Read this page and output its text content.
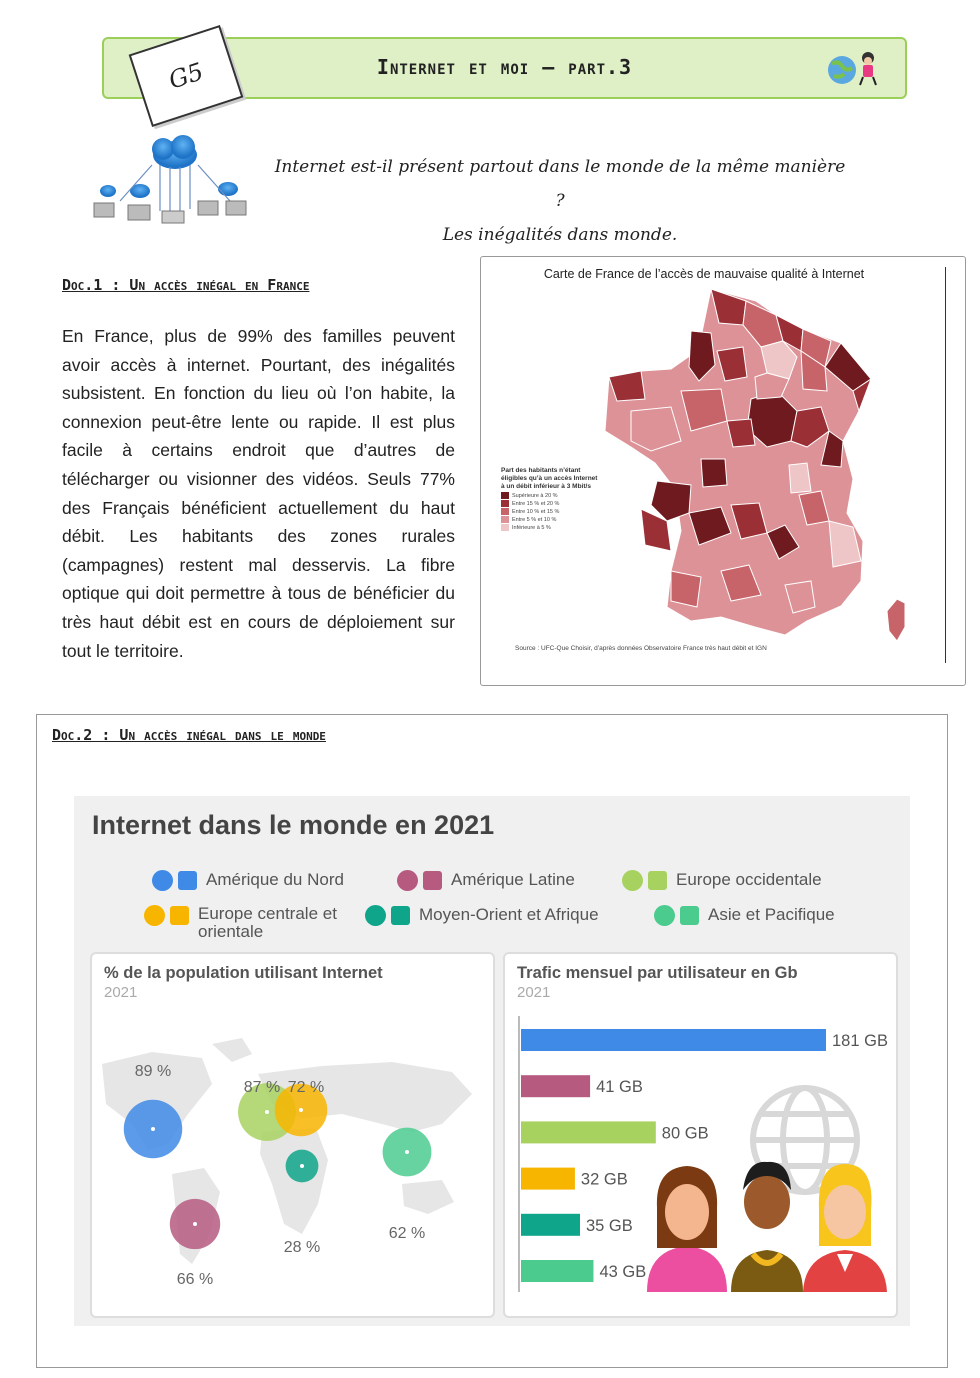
Internet et moi – part.3
G5
Internet est-il présent partout dans le monde de la même manière ?
Les inégalités dans monde.
Doc.1 : Un accès inégal en France
En France, plus de 99% des familles peuvent avoir accès à internet. Pourtant, des inégalités subsistent. En fonction du lieu où l’on habite, la connexion peut-être lente ou rapide. Il est plus facile à certains endroit que d’autres de télécharger ou visionner des vidéos. Seuls 77% des Français bénéficient actuellement du haut débit. Les habitants des zones rurales (campagnes) restent mal desservis. La fibre optique qui doit permettre à tous de bénéficier du très haut débit est en cours de déploiement sur tout le territoire.
Carte de France de l’accès de mauvaise qualité à Internet
Part des habitants n’étant éligibles qu’à un accès Internet à un débit inférieur à 3 Mbit/s
Supérieure à 20 %
Entre 15 % et 20 %
Entre 10 % et 15 %
Entre 5 % et 10 %
Inférieure à 5 %
Source : UFC-Que Choisir, d’après données Observatoire France très haut débit et IGN
Doc.2 : Un accès inégal dans le monde
Internet dans le monde en 2021
Amérique du Nord	Amérique Latine	Europe occidentale
Europe centrale et orientale
Moyen-Orient et Afrique	Asie et Pacifique
% de la population utilisant Internet
2021
89 %
66 %
87 % 72 %
28 %
62 %
Trafic mensuel par utilisateur en Gb
2021
181 GB
41 GB
80 GB
32 GB
35 GB
43 GB
